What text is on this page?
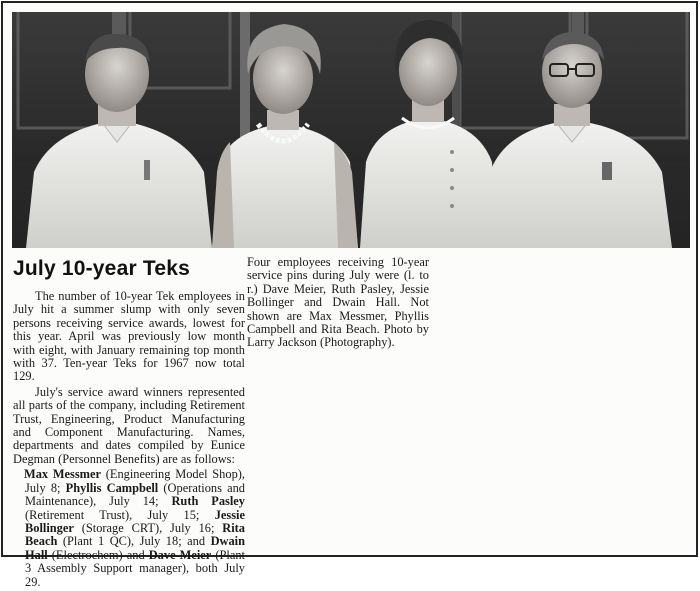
July 10-year Teks

The number of 10-year Tek employees in July hit a summer slump with only seven persons receiving service awards, lowest for this year. April was previously low month with eight, with January remaining top month with 37. Ten-year Teks for 1967 now total 129.

July's service award winners represented all parts of the company, including Retirement Trust, Engineering, Product Manufacturing and Component Manufacturing. Names, departments and dates compiled by Eunice Degman (Personnel Benefits) are as follows:

Max Messmer (Engineering Model Shop), July 8; Phyllis Campbell (Operations and Maintenance), July 14; Ruth Pasley (Retirement Trust), July 15; Jessie Bollinger (Storage CRT), July 16; Rita Beach (Plant 1 QC), July 18; and Dwain Hall (Electrochem) and Dave Meier (Plant 3 Assembly Support manager), both July 29.

Four employees receiving 10-year service pins during July were (l. to r.) Dave Meier, Ruth Pasley, Jessie Bollinger and Dwain Hall. Not shown are Max Messmer, Phyllis Campbell and Rita Beach. Photo by Larry Jackson (Photography).
